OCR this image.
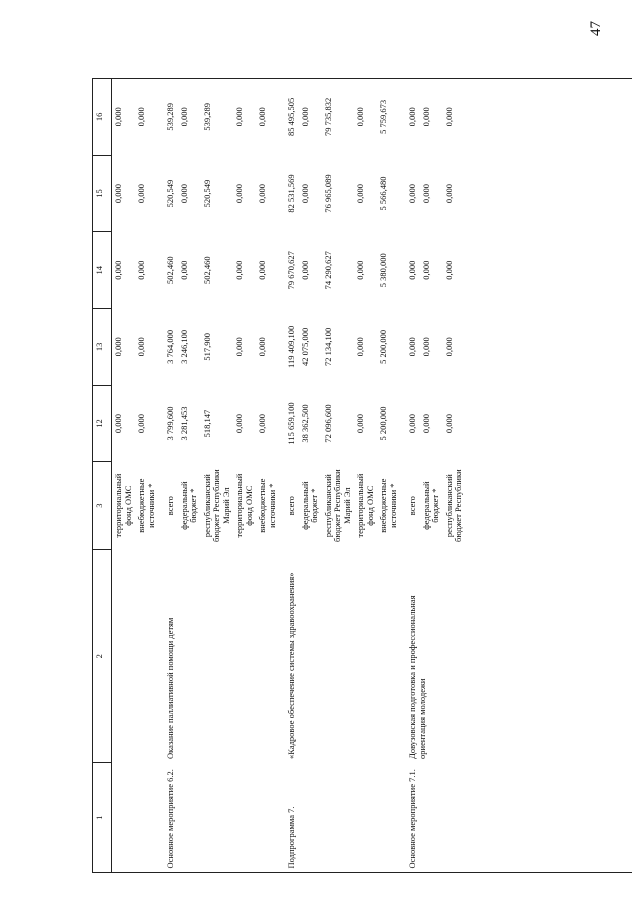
47
1	2	3	12	13	14	15	16
		территориальный фонд ОМС	0,000	0,000	0,000	0,000	0,000
		внебюджетные источники *	0,000	0,000	0,000	0,000	0,000

Основное мероприятие 6.2.	Оказание паллиативной помощи детям	всего	3 799,600	3 764,000	502,460	520,549	539,289
		федеральный бюджет *	3 281,453	3 246,100	0,000	0,000	0,000
		республиканский бюджет Республики Марий Эл	518,147	517,900	502,460	520,549	539,289
		территориальный фонд ОМС	0,000	0,000	0,000	0,000	0,000
		внебюджетные источники *	0,000	0,000	0,000	0,000	0,000

Подпрограмма 7.	«Кадровое обеспечение системы здравоохранения»	всего	115 659,100	119 409,100	79 670,627	82 531,569	85 495,505
		федеральный бюджет *	38 362,500	42 075,000	0,000	0,000	0,000
		республиканский бюджет Республики Марий Эл	72 096,600	72 134,100	74 290,627	76 965,089	79 735,832
		территориальный фонд ОМС	0,000	0,000	0,000	0,000	0,000
		внебюджетные источники *	5 200,000	5 200,000	5 380,000	5 566,480	5 759,673

Основное мероприятие 7.1.	Довузовская подготовка и профессиональная ориентация молодежи	всего	0,000	0,000	0,000	0,000	0,000
		федеральный бюджет *	0,000	0,000	0,000	0,000	0,000
		республиканский бюджет Республики	0,000	0,000	0,000	0,000	0,000
